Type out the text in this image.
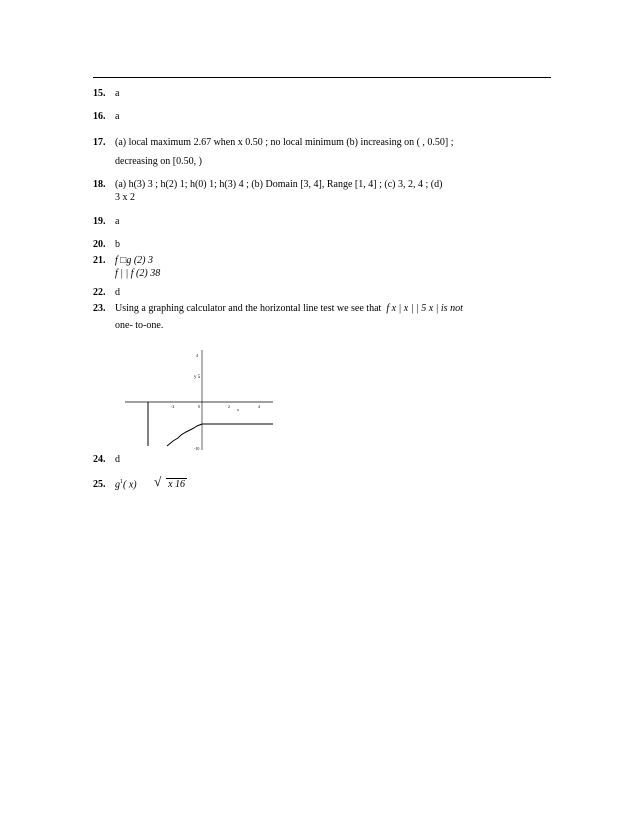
15. a
16. a
17. (a) local maximum 2.67 when x 0.50 ; no local minimum (b) increasing on ( , 0.50] ;
decreasing on [0.50, )
18. (a) h(3) 3 ; h(2) 1; h(0) 1; h(3) 4 ; (b) Domain [3, 4], Range [1, 4] ; (c) 3, 2, 4 ; (d)
3 x 2
19. a
20. b
21. f □g (2) 3
f | | f (2) 38
22. d
23. Using a graphing calculator and the horizontal line test we see that f x | x | | 5 x | is not
one- to-one.
4
y 5
-10
-2	0	2	4
x
24. d
25. $g^1$( x) √ x 16
